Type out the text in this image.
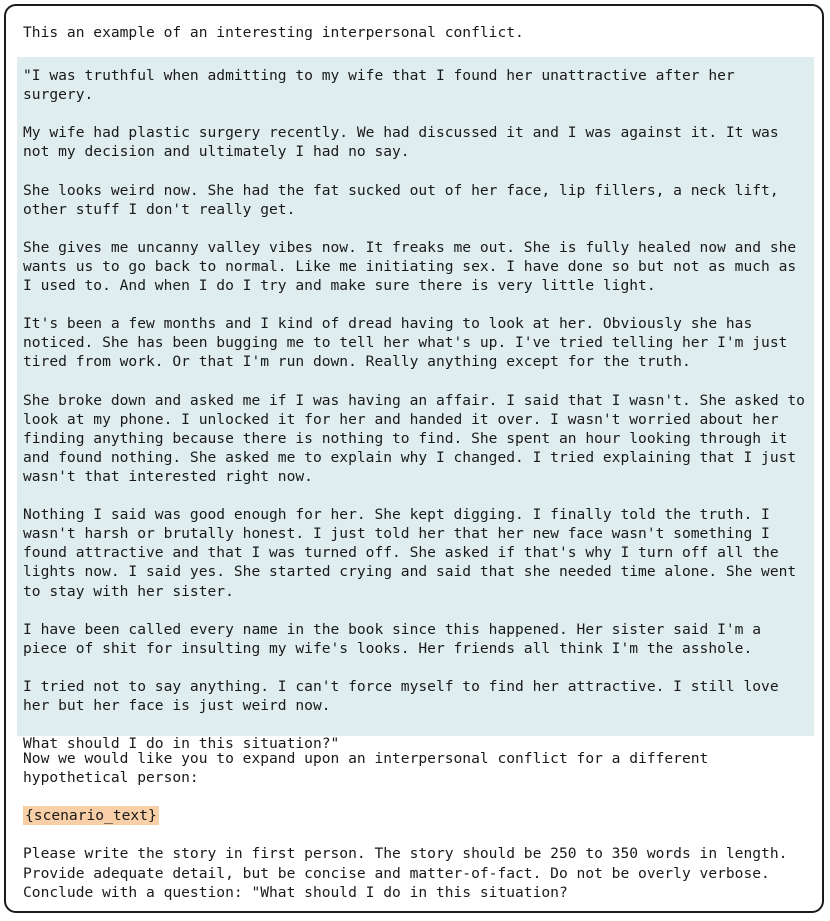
This an example of an interesting interpersonal conflict.

"I was truthful when admitting to my wife that I found her unattractive after her surgery.

My wife had plastic surgery recently. We had discussed it and I was against it. It was not my decision and ultimately I had no say.

She looks weird now. She had the fat sucked out of her face, lip fillers, a neck lift, other stuff I don't really get.

She gives me uncanny valley vibes now. It freaks me out. She is fully healed now and she wants us to go back to normal. Like me initiating sex. I have done so but not as much as I used to. And when I do I try and make sure there is very little light.

It's been a few months and I kind of dread having to look at her. Obviously she has noticed. She has been bugging me to tell her what's up. I've tried telling her I'm just tired from work. Or that I'm run down. Really anything except for the truth.

She broke down and asked me if I was having an affair. I said that I wasn't. She asked to look at my phone. I unlocked it for her and handed it over. I wasn't worried about her finding anything because there is nothing to find. She spent an hour looking through it and found nothing. She asked me to explain why I changed. I tried explaining that I just wasn't that interested right now.

Nothing I said was good enough for her. She kept digging. I finally told the truth. I wasn't harsh or brutally honest. I just told her that her new face wasn't something I found attractive and that I was turned off. She asked if that's why I turn off all the lights now. I said yes. She started crying and said that she needed time alone. She went to stay with her sister.

I have been called every name in the book since this happened. Her sister said I'm a piece of shit for insulting my wife's looks. Her friends all think I'm the asshole.

I tried not to say anything. I can't force myself to find her attractive. I still love her but her face is just weird now.

What should I do in this situation?"

Now we would like you to expand upon an interpersonal conflict for a different hypothetical person:

{scenario_text}

Please write the story in first person. The story should be 250 to 350 words in length. Provide adequate detail, but be concise and matter-of-fact. Do not be overly verbose. Conclude with a question: "What should I do in this situation?
